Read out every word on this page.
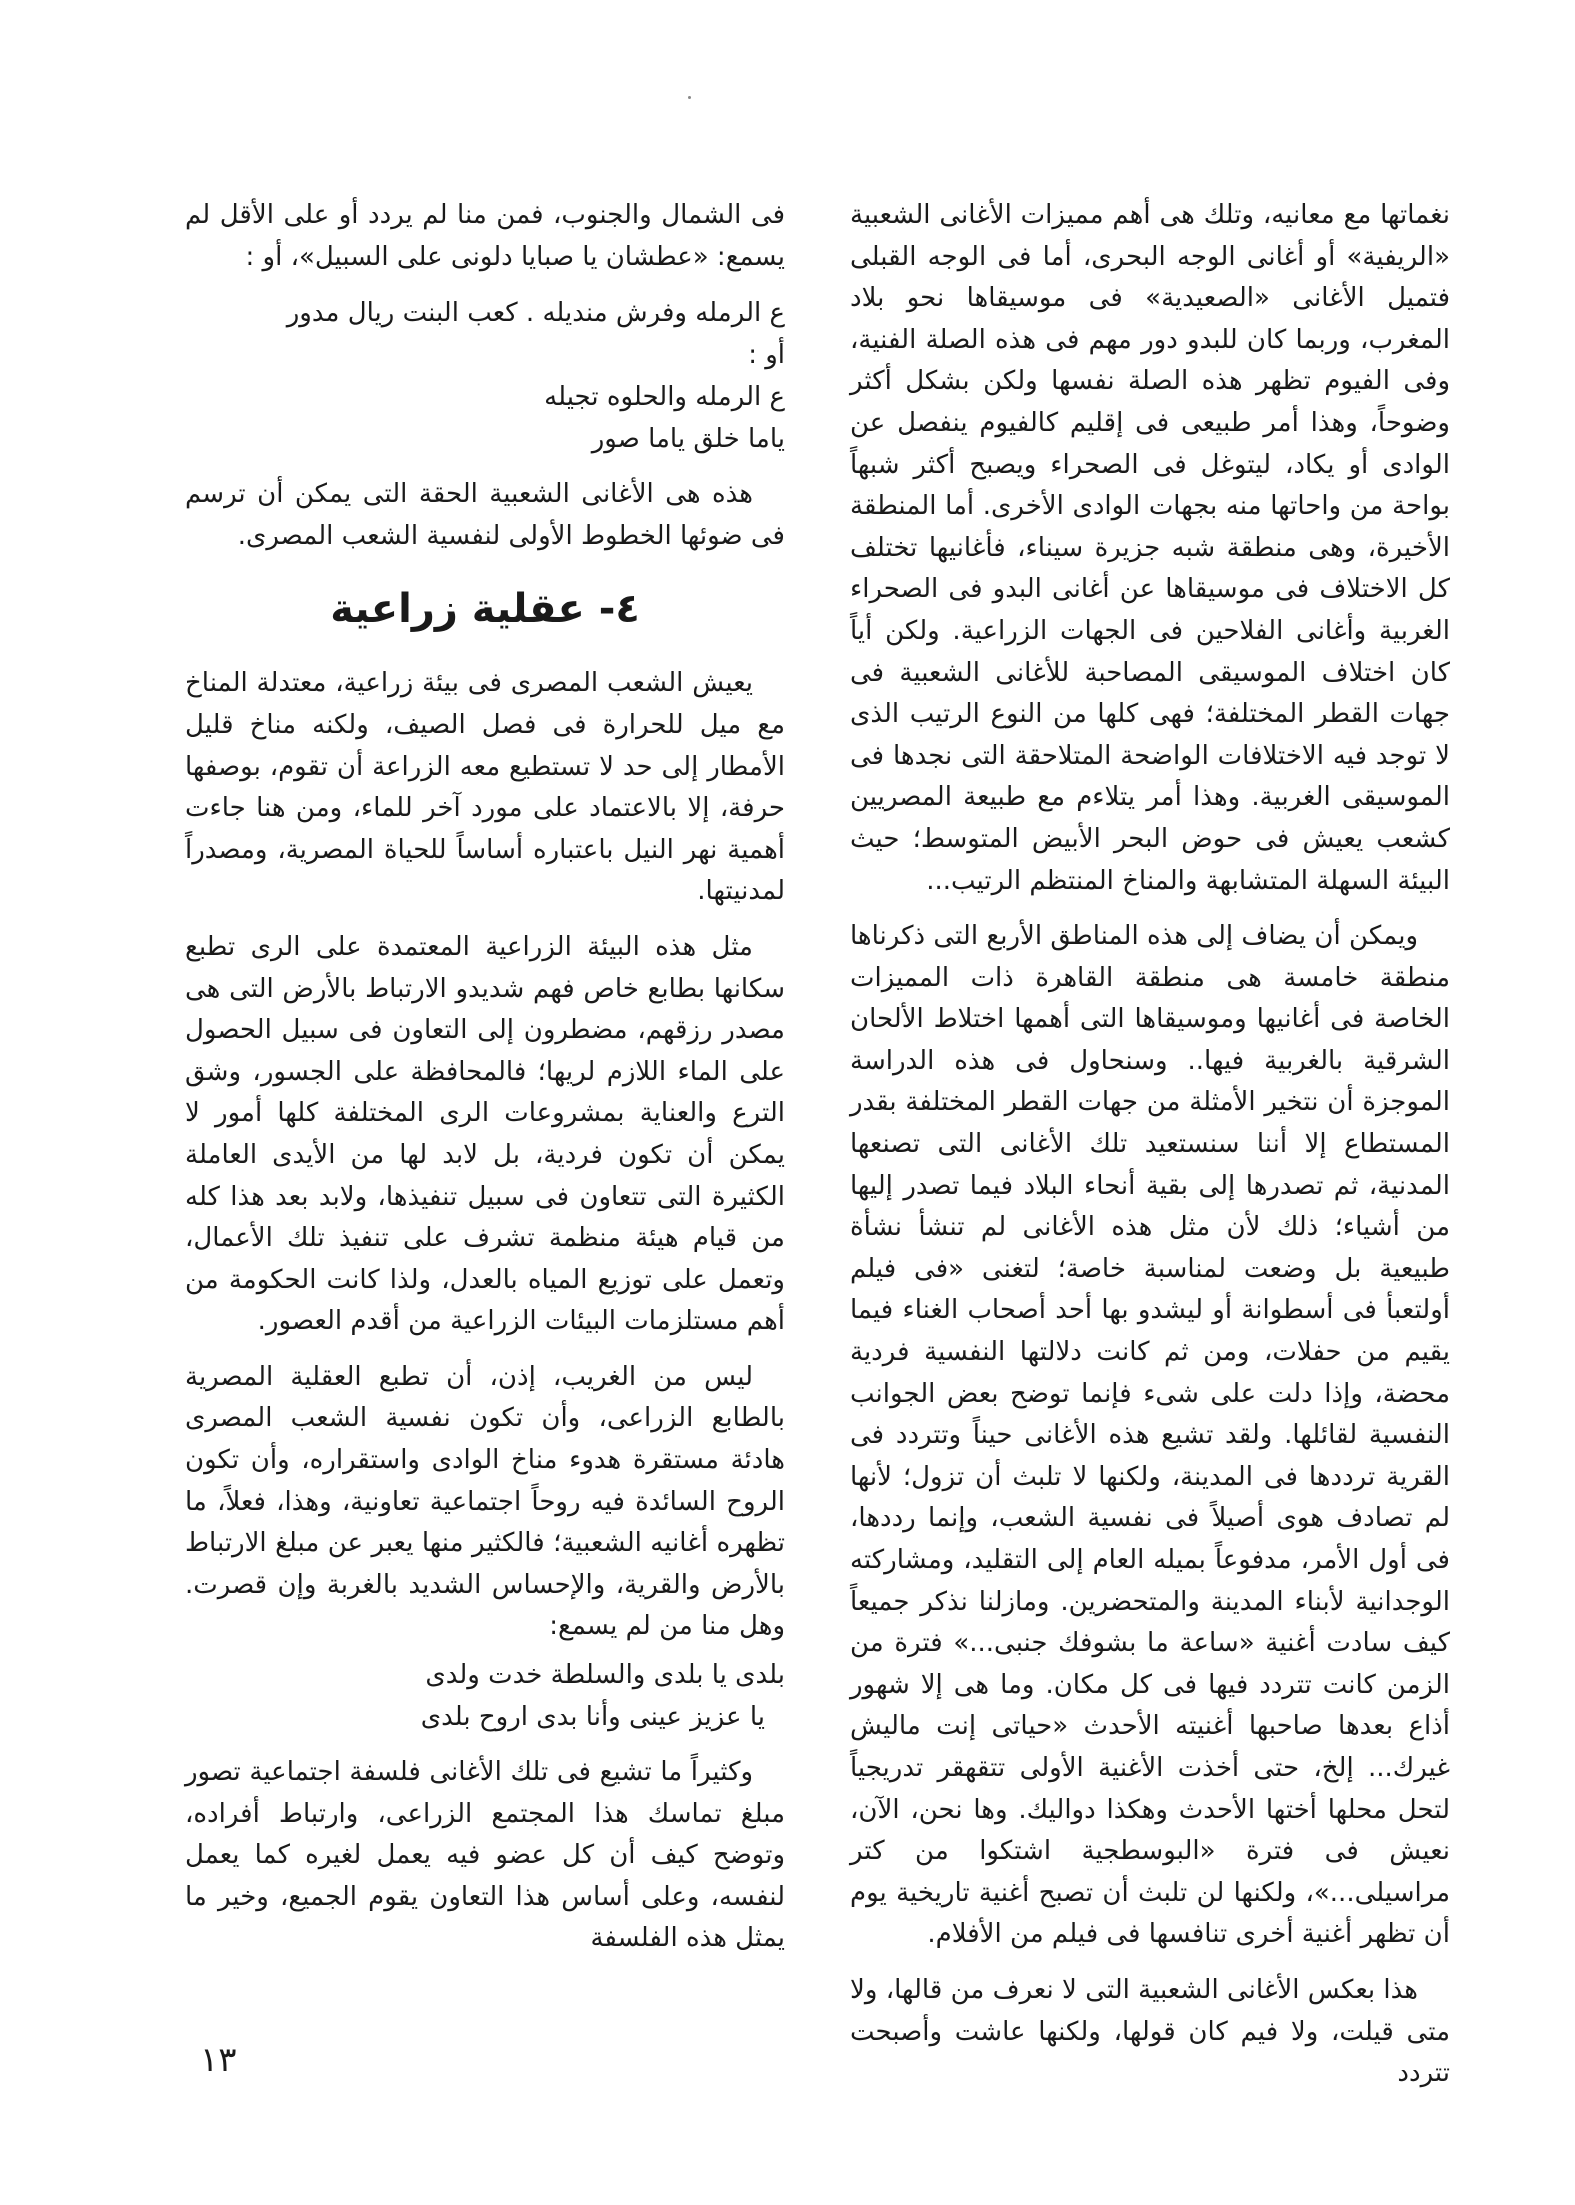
نغماتها مع معانيه، وتلك هى أهم مميزات الأغانى الشعبية «الريفية» أو أغانى الوجه البحرى، أما فى الوجه القبلى فتميل الأغانى «الصعيدية» فى موسيقاها نحو بلاد المغرب، وربما كان للبدو دور مهم فى هذه الصلة الفنية، وفى الفيوم تظهر هذه الصلة نفسها ولكن بشكل أكثر وضوحاً، وهذا أمر طبيعى فى إقليم كالفيوم ينفصل عن الوادى أو يكاد، ليتوغل فى الصحراء ويصبح أكثر شبهاً بواحة من واحاتها منه بجهات الوادى الأخرى. أما المنطقة الأخيرة، وهى منطقة شبه جزيرة سيناء، فأغانيها تختلف كل الاختلاف فى موسيقاها عن أغانى البدو فى الصحراء الغربية وأغانى الفلاحين فى الجهات الزراعية. ولكن أياً كان اختلاف الموسيقى المصاحبة للأغانى الشعبية فى جهات القطر المختلفة؛ فهى كلها من النوع الرتيب الذى لا توجد فيه الاختلافات الواضحة المتلاحقة التى نجدها فى الموسيقى الغربية. وهذا أمر يتلاءم مع طبيعة المصريين كشعب يعيش فى حوض البحر الأبيض المتوسط؛ حيث البيئة السهلة المتشابهة والمناخ المنتظم الرتيب...

ويمكن أن يضاف إلى هذه المناطق الأربع التى ذكرناها منطقة خامسة هى منطقة القاهرة ذات المميزات الخاصة فى أغانيها وموسيقاها التى أهمها اختلاط الألحان الشرقية بالغربية فيها.. وسنحاول فى هذه الدراسة الموجزة أن نتخير الأمثلة من جهات القطر المختلفة بقدر المستطاع إلا أننا سنستعيد تلك الأغانى التى تصنعها المدنية، ثم تصدرها إلى بقية أنحاء البلاد فيما تصدر إليها من أشياء؛ ذلك لأن مثل هذه الأغانى لم تنشأ نشأة طبيعية بل وضعت لمناسبة خاصة؛ لتغنى «فى فيلم أولتعبأ فى أسطوانة أو ليشدو بها أحد أصحاب الغناء فيما يقيم من حفلات، ومن ثم كانت دلالتها النفسية فردية محضة، وإذا دلت على شىء فإنما توضح بعض الجوانب النفسية لقائلها. ولقد تشيع هذه الأغانى حيناً وتتردد فى القرية ترددها فى المدينة، ولكنها لا تلبث أن تزول؛ لأنها لم تصادف هوى أصيلاً فى نفسية الشعب، وإنما رددها، فى أول الأمر، مدفوعاً بميله العام إلى التقليد، ومشاركته الوجدانية لأبناء المدينة والمتحضرين. ومازلنا نذكر جميعاً كيف سادت أغنية «ساعة ما بشوفك جنبى...» فترة من الزمن كانت تتردد فيها فى كل مكان. وما هى إلا شهور أذاع بعدها صاحبها أغنيته الأحدث «حياتى إنت ماليش غيرك... إلخ، حتى أخذت الأغنية الأولى تتقهقر تدريجياً لتحل محلها أختها الأحدث وهكذا دواليك. وها نحن، الآن، نعيش فى فترة «البوسطجية اشتكوا من كتر مراسيلى...»، ولكنها لن تلبث أن تصبح أغنية تاريخية يوم أن تظهر أغنية أخرى تنافسها فى فيلم من الأفلام.

هذا بعكس الأغانى الشعبية التى لا نعرف من قالها، ولا متى قيلت، ولا فيم كان قولها، ولكنها عاشت وأصبحت تتردد

فى الشمال والجنوب، فمن منا لم يردد أو على الأقل لم يسمع: «عطشان يا صبايا دلونى على السبيل»، أو :

ع الرمله وفرش منديله . كعب البنت ريال مدور

أو :

ع الرمله والحلوه تجيله

ياما خلق ياما صور

هذه هى الأغانى الشعبية الحقة التى يمكن أن ترسم فى ضوئها الخطوط الأولى لنفسية الشعب المصرى.

٤- عقلية زراعية

يعيش الشعب المصرى فى بيئة زراعية، معتدلة المناخ مع ميل للحرارة فى فصل الصيف، ولكنه مناخ قليل الأمطار إلى حد لا تستطيع معه الزراعة أن تقوم، بوصفها حرفة، إلا بالاعتماد على مورد آخر للماء، ومن هنا جاءت أهمية نهر النيل باعتباره أساساً للحياة المصرية، ومصدراً لمدنيتها.

مثل هذه البيئة الزراعية المعتمدة على الرى تطبع سكانها بطابع خاص فهم شديدو الارتباط بالأرض التى هى مصدر رزقهم، مضطرون إلى التعاون فى سبيل الحصول على الماء اللازم لريها؛ فالمحافظة على الجسور، وشق الترع والعناية بمشروعات الرى المختلفة كلها أمور لا يمكن أن تكون فردية، بل لابد لها من الأيدى العاملة الكثيرة التى تتعاون فى سبيل تنفيذها، ولابد بعد هذا كله من قيام هيئة منظمة تشرف على تنفيذ تلك الأعمال، وتعمل على توزيع المياه بالعدل، ولذا كانت الحكومة من أهم مستلزمات البيئات الزراعية من أقدم العصور.

ليس من الغريب، إذن، أن تطبع العقلية المصرية بالطابع الزراعى، وأن تكون نفسية الشعب المصرى هادئة مستقرة هدوء مناخ الوادى واستقراره، وأن تكون الروح السائدة فيه روحاً اجتماعية تعاونية، وهذا، فعلاً، ما تظهره أغانيه الشعبية؛ فالكثير منها يعبر عن مبلغ الارتباط بالأرض والقرية، والإحساس الشديد بالغربة وإن قصرت. وهل منا من لم يسمع:

بلدى يا بلدى والسلطة خدت ولدى

يا عزيز عينى وأنا بدى اروح بلدى

وكثيراً ما تشيع فى تلك الأغانى فلسفة اجتماعية تصور مبلغ تماسك هذا المجتمع الزراعى، وارتباط أفراده، وتوضح كيف أن كل عضو فيه يعمل لغيره كما يعمل لنفسه، وعلى أساس هذا التعاون يقوم الجميع، وخير ما يمثل هذه الفلسفة

١٣
